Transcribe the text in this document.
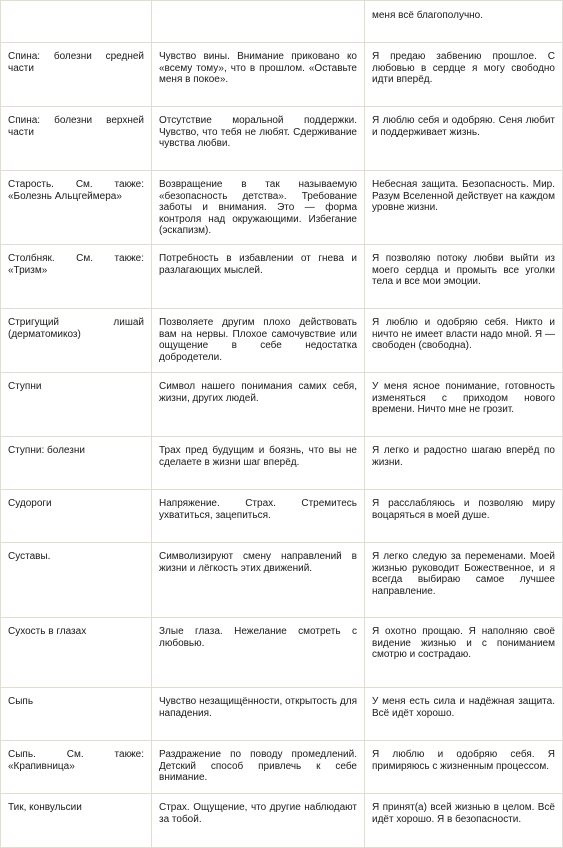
		меня всё благополучно.
Спина: болезни средней части	Чувство вины. Внимание приковано ко «всему тому», что в прошлом. «Оставьте меня в покое».	Я предаю забвению прошлое. С любовью в сердце я могу свободно идти вперёд.
Спина: болезни верхней части	Отсутствие моральной поддержки. Чувство, что тебя не любят. Сдерживание чувства любви.	Я люблю себя и одобряю. Сеня любит и поддерживает жизнь.
Старость. См. также: «Болезнь Альцгеймера»	Возвращение в так называемую «безопасность детства». Требование заботы и внимания. Это — форма контроля над окружающими. Избегание (эскапизм).	Небесная защита. Безопасность. Мир. Разум Вселенной действует на каждом уровне жизни.
Столбняк. См. также: «Тризм»	Потребность в избавлении от гнева и разлагающих мыслей.	Я позволяю потоку любви выйти из моего сердца и промыть все уголки тела и все мои эмоции.
Стригущий лишай (дерматомикоз)	Позволяете другим плохо действовать вам на нервы. Плохое самочувствие или ощущение в себе недостатка добродетели.	Я люблю и одобряю себя. Никто и ничто не имеет власти надо мной. Я — свободен (свободна).
Ступни	Символ нашего понимания самих себя, жизни, других людей.	У меня ясное понимание, готовность изменяться с приходом нового времени. Ничто мне не грозит.
Ступни: болезни	Трах пред будущим и боязнь, что вы не сделаете в жизни шаг вперёд.	Я легко и радостно шагаю вперёд по жизни.
Судороги	Напряжение. Страх. Стремитесь ухватиться, зацепиться.	Я расслабляюсь и позволяю миру воцаряться в моей душе.
Суставы.	Символизируют смену направлений в жизни и лёгкость этих движений.	Я легко следую за переменами. Моей жизнью руководит Божественное, и я всегда выбираю самое лучшее направление.
Сухость в глазах	Злые глаза. Нежелание смотреть с любовью.	Я охотно прощаю. Я наполняю своё видение жизнью и с пониманием смотрю и сострадаю.
Сыпь	Чувство незащищённости, открытость для нападения.	У меня есть сила и надёжная защита. Всё идёт хорошо.
Сыпь. См. также: «Крапивница»	Раздражение по поводу промедлений. Детский способ привлечь к себе внимание.	Я люблю и одобряю себя. Я примиряюсь с жизненным процессом.
Тик, конвульсии	Страх. Ощущение, что другие наблюдают за тобой.	Я принят(а) всей жизнью в целом. Всё идёт хорошо. Я в безопасности.
